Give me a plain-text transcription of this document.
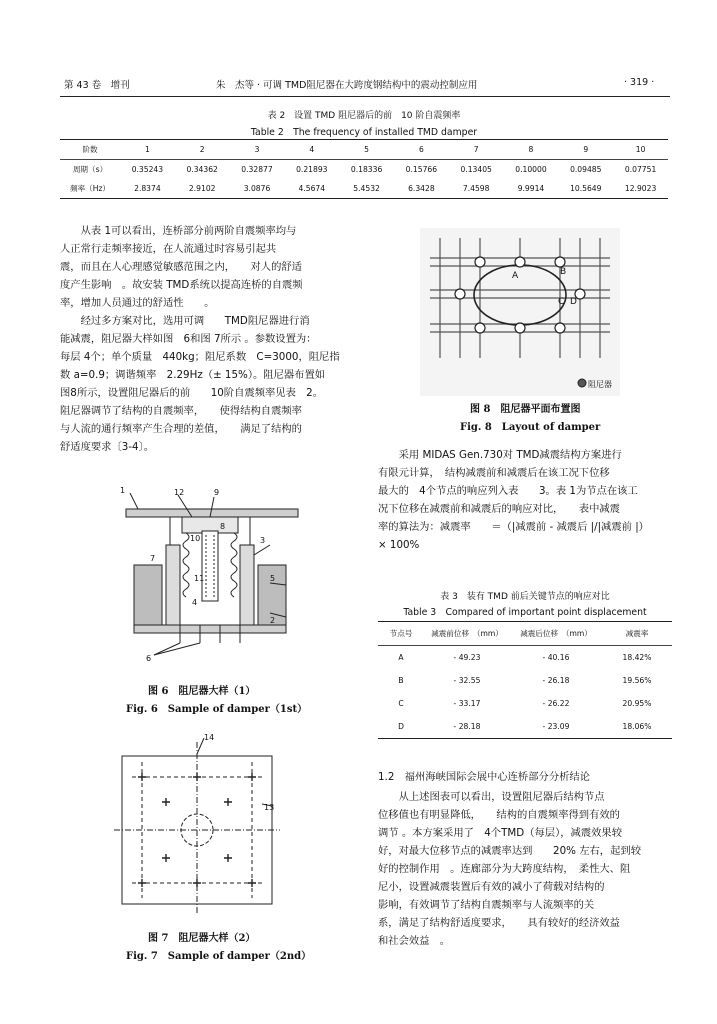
第 43 卷　增刊	朱　杰等 · 可调 TMD阻尼器在大跨度钢结构中的震动控制应用	· 319 ·
表 2　设置 TMD 阻尼器后的前　10 阶自震频率
Table 2　The frequency of installed TMD damper
阶数	1	2	3	4	5	6	7	8	9	10
周期（s）	0.35243	0.34362	0.32877	0.21893	0.18336	0.15766	0.13405	0.10000	0.09485	0.07751
频率（Hz）	2.8374	2.9102	3.0876	4.5674	5.4532	6.3428	7.4598	9.9914	10.5649	12.9023
　　从表 1可以看出，连桥部分前两阶自震频率均与
人正常行走频率接近，在人流通过时容易引起共
震，而且在人心理感觉敏感范围之内，　　对人的舒适
度产生影响　。故安装 TMD系统以提高连桥的自震频
率，增加人员通过的舒适性　　。
　　经过多方案对比，选用可调　　TMD阻尼器进行消
能减震，阻尼器大样如图　6和图 7所示 。参数设置为：
每层 4个；单个质量　440kg；阻尼系数　C=3000，阻尼指
数 a=0.9；调谐频率　2.29Hz（± 15%）。阻尼器布置如
图8所示，设置阻尼器后的前　　10阶自震频率见表　2。
阻尼器调节了结构的自震频率，　　使得结构自震频率
与人流的通行频率产生合理的差值，　　满足了结构的
舒适度要求〔3-4〕。
1	12	9
8
3
7
10
11
4
5
2
6
图 6　阻尼器大样（1）
Fig. 6　Sample of damper（1st）
14
13
图 7　阻尼器大样（2）
Fig. 7　Sample of damper（2nd）
A	B
C D
阻尼器
图 8　阻尼器平面布置图
Fig. 8　Layout of damper
　　采用 MIDAS Gen.730对 TMD减震结构方案进行
有限元计算，　结构减震前和减震后在该工况下位移
最大的　4个节点的响应列入表　　3。表 1为节点在该工
况下位移在减震前和减震后的响应对比，　　表中减震
率的算法为：减震率　　＝（|减震前 - 减震后 |/|减震前 |）
× 100%
表 3　装有 TMD 前后关键节点的响应对比
Table 3　Compared of important point displacement
节点号	减震前位移　（mm）	减震后位移　（mm）	减震率
A	- 49.23	- 40.16	18.42%
B	- 32.55	- 26.18	19.56%
C	- 33.17	- 26.22	20.95%
D	- 28.18	- 23.09	18.06%
1.2　福州海峡国际会展中心连桥部分分析结论
　　从上述图表可以看出，设置阻尼器后结构节点
位移值也有明显降低，　　结构的自震频率得到有效的
调节 。本方案采用了　4个TMD（每层），减震效果较
好，对最大位移节点的减震率达到　　20% 左右，起到较
好的控制作用　。连廊部分为大跨度结构，　柔性大、阻
尼小，设置减震装置后有效的减小了荷载对结构的
影响，有效调节了结构自震频率与人流频率的关
系，满足了结构舒适度要求，　　具有较好的经济效益
和社会效益　。
